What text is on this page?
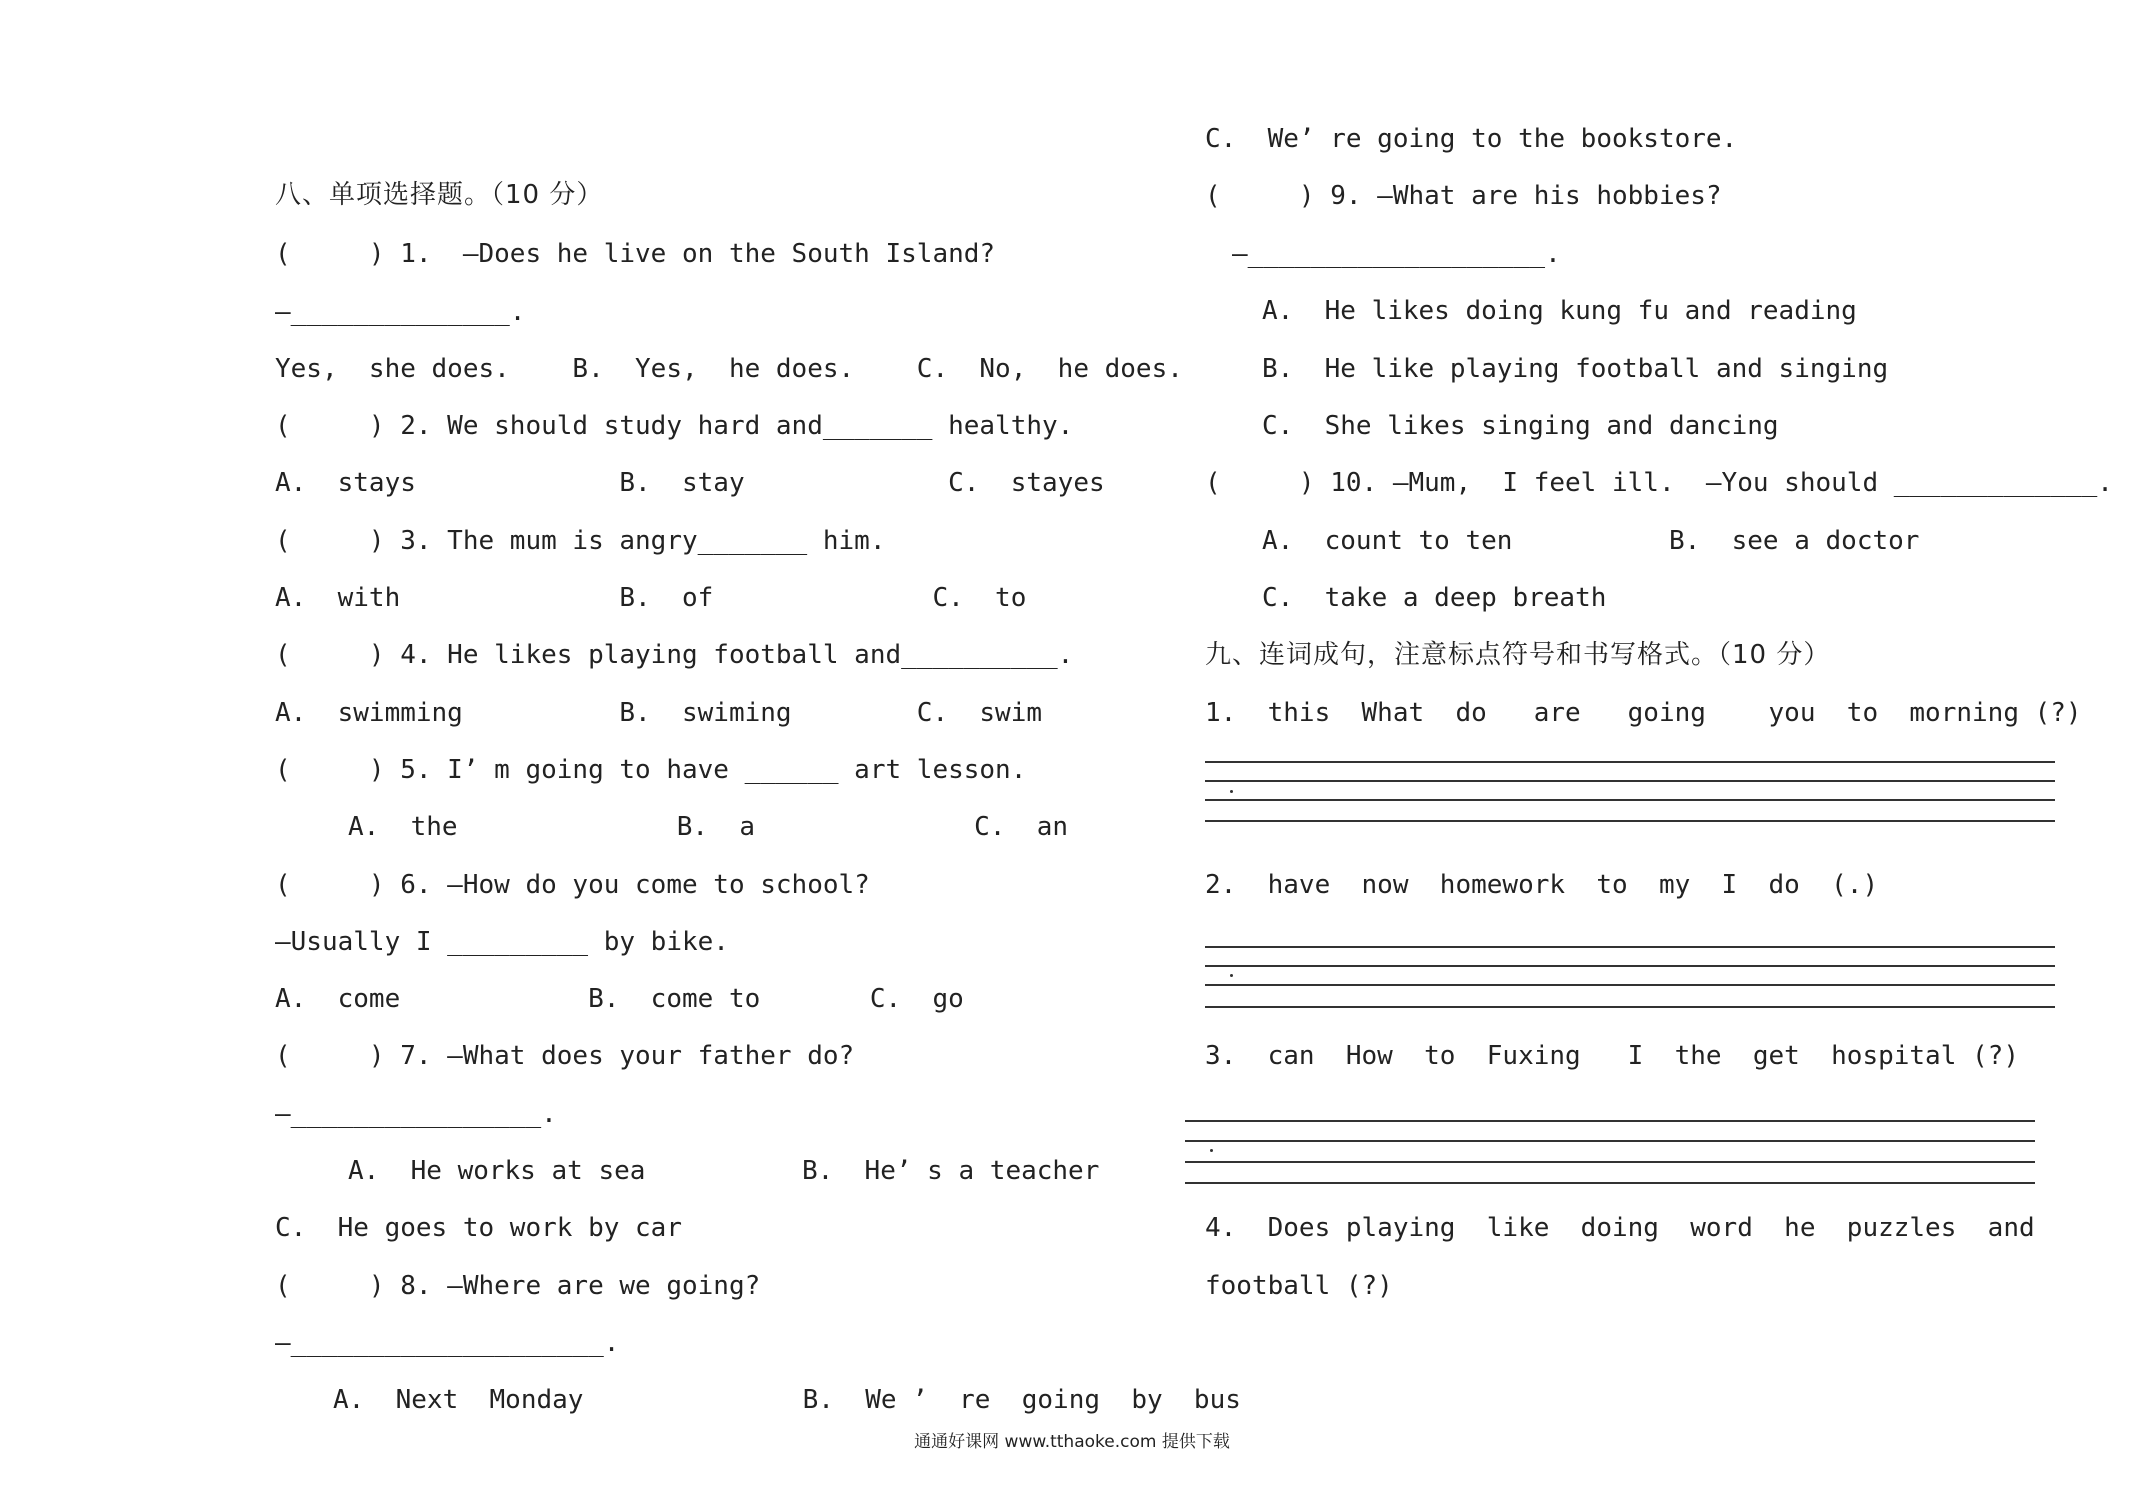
八、单项选择题。（10 分）
(     ) 1.  —Does he live on the South Island?
—______________.
Yes,  she does.    B.  Yes,  he does.    C.  No,  he does.
(     ) 2. We should study hard and_______ healthy.
A.  stays             B.  stay             C.  stayes
(     ) 3. The mum is angry_______ him.
A.  with              B.  of              C.  to
(     ) 4. He likes playing football and__________.
A.  swimming          B.  swiming        C.  swim
(     ) 5. I’ m going to have ______ art lesson.
A.  the              B.  a              C.  an
(     ) 6. —How do you come to school?
—Usually I _________ by bike.
A.  come            B.  come to       C.  go
(     ) 7. —What does your father do?
—________________.
A.  He works at sea          B.  He’ s a teacher
C.  He goes to work by car
(     ) 8. —Where are we going?
—____________________.
A.  Next  Monday              B.  We ’  re  going  by  bus
C.  We’ re going to the bookstore.
(     ) 9. —What are his hobbies?
—___________________.
A.  He likes doing kung fu and reading
B.  He like playing football and singing
C.  She likes singing and dancing
(     ) 10. —Mum,  I feel ill.  —You should _____________.
A.  count to ten          B.  see a doctor
C.  take a deep breath
九、连词成句，注意标点符号和书写格式。（10 分）
1.  this  What  do   are   going    you  to  morning (?)
2.  have  now  homework  to  my  I  do  (.)
3.  can  How  to  Fuxing   I  the  get  hospital (?)
4.  Does playing  like  doing  word  he  puzzles  and
football (?)
通通好课网 www.tthaoke.com 提供下载
